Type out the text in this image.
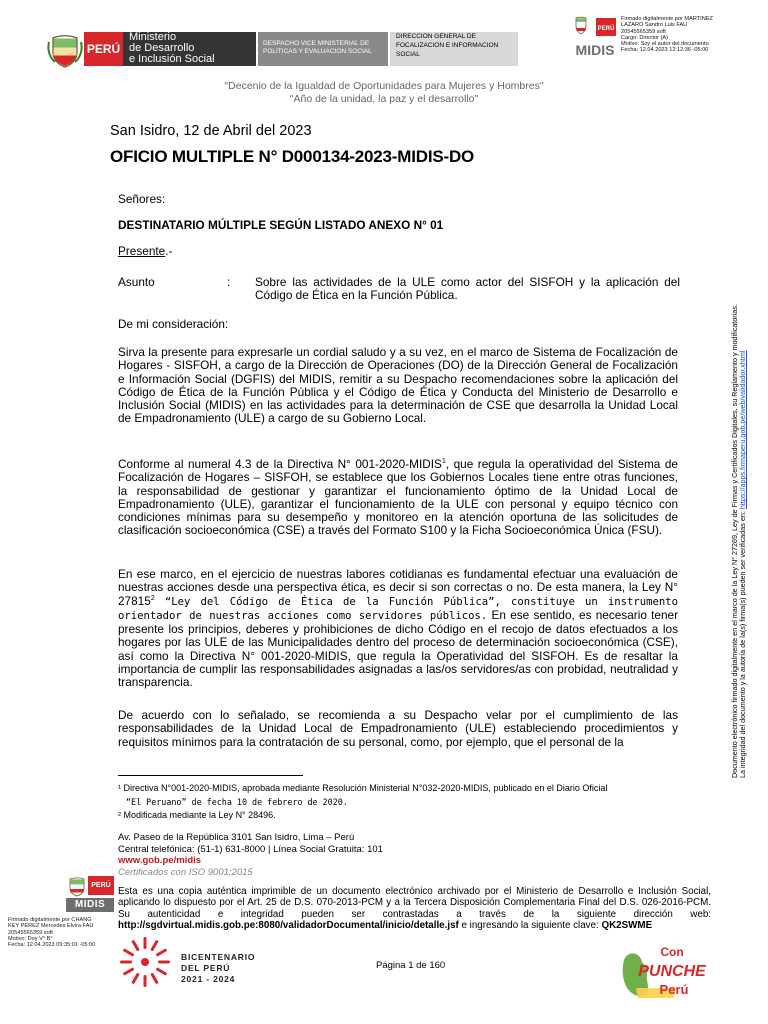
PERÚ
Ministerio
de Desarrollo
e Inclusión Social
DESPACHO VICE MINISTERIAL DE POLITICAS Y EVALUACION SOCIAL
DIRECCION GENERAL DE FOCALIZACION E INFORMACION SOCIAL
PERÚ
MIDIS
Firmado digitalmente por MARTINEZ
LAZARO Sandro Luis FAU
20545565359 soft
Cargo: Director (A)
Motivo: Soy el autor del documento
Fecha: 12.04.2023 12:12:36 -05:00
"Decenio de la Igualdad de Oportunidades para Mujeres y Hombres"
"Año de la unidad, la paz y el desarrollo"
San Isidro, 12 de Abril del 2023
OFICIO MULTIPLE N° D000134-2023-MIDIS-DO
Señores:
DESTINATARIO MÚLTIPLE SEGÚN LISTADO ANEXO N° 01
Presente.-
Asunto	: Sobre las actividades de la ULE como actor del SISFOH y la aplicación del Código de Ética en la Función Pública.
De mi consideración:
Sirva la presente para expresarle un cordial saludo y a su vez, en el marco de Sistema de Focalización de Hogares - SISFOH, a cargo de la Dirección de Operaciones (DO) de la Dirección General de Focalización e Información Social (DGFIS) del MIDIS, remitir a su Despacho recomendaciones sobre la aplicación del Código de Ética de la Función Pública y el Código de Ética y Conducta del Ministerio de Desarrollo e Inclusión Social (MIDIS) en las actividades para la determinación de CSE que desarrolla la Unidad Local de Empadronamiento (ULE) a cargo de su Gobierno Local.
Conforme al numeral 4.3 de la Directiva N° 001-2020-MIDIS$^1$, que regula la operatividad del Sistema de Focalización de Hogares – SISFOH, se establece que los Gobiernos Locales tiene entre otras funciones, la responsabilidad de gestionar y garantizar el funcionamiento óptimo de la Unidad Local de Empadronamiento (ULE), garantizar el funcionamiento de la ULE con personal y equipo técnico con condiciones mínimas para su desempeño y monitoreo en la atención oportuna de las solicitudes de clasificación socioeconómica (CSE) a través del Formato S100 y la Ficha Socioeconómica Única (FSU).
En ese marco, en el ejercicio de nuestras labores cotidianas es fundamental efectuar una evaluación de nuestras acciones desde una perspectiva ética, es decir si son correctas o no. De esta manera, la Ley N° 27815$^2$ “Ley del Código de Ética de la Función Pública”, constituye un instrumento orientador de nuestras acciones como servidores públicos. En ese sentido, es necesario tener presente los principios, deberes y prohibiciones de dicho Código en el recojo de datos efectuados a los hogares por las ULE de las Municipalidades dentro del proceso de determinación socioeconómica (CSE), así como la Directiva N° 001-2020-MIDIS, que regula la Operatividad del SISFOH. Es de resaltar la importancia de cumplir las responsabilidades asignadas a las/os servidores/as con probidad, neutralidad y transparencia.
De acuerdo con lo señalado, se recomienda a su Despacho velar por el cumplimiento de las responsabilidades de la Unidad Local de Empadronamiento (ULE) estableciendo procedimientos y requisitos mínimos para la contratación de su personal, como, por ejemplo, que el personal de la
¹ Directiva N°001-2020-MIDIS, aprobada mediante Resolución Ministerial N°032-2020-MIDIS, publicado en el Diario Oficial
“El Peruano” de fecha 10 de febrero de 2020.
² Modificada mediante la Ley N° 28496.
Av. Paseo de la República 3101 San Isidro, Lima – Perú
Central telefónica: (51-1) 631-8000 | Línea Social Gratuita: 101
www.gob.pe/midis
Certificados con ISO 9001:2015
PERÚ
MIDIS
Firmado digitalmente por CHANG
KEY PEREZ Mercedes Elvira FAU
20545565359 soft
Motivo: Doy V° B°
Fecha: 12.04.2023 09:35:01 -05:00
Esta es una copia auténtica imprimible de un documento electrónico archivado por el Ministerio de Desarrollo e Inclusión Social, aplicando lo dispuesto por el Art. 25 de D.S. 070-2013-PCM y a la Tercera Disposición Complementaria Final del D.S. 026-2016-PCM. Su autenticidad e integridad pueden ser contrastadas a través de la siguiente dirección web: http://sgdvirtual.midis.gob.pe:8080/validadorDocumental/inicio/detalle.jsf e ingresando la siguiente clave: QK2SWME
BICENTENARIO
DEL PERÚ
2021 - 2024
Página 1 de 160
Con
PUNCHE
Perú
Documento electrónico firmado digitalmente en el marco de la Ley N° 27269, Ley de Firmas y Certificados Digitales, su Reglamento y modificatorias. La integridad del documento y la autoría de la(s) firma(s) pueden ser verificadas en: https://apps.firmaperu.gob.pe/web/validador.xhtml
